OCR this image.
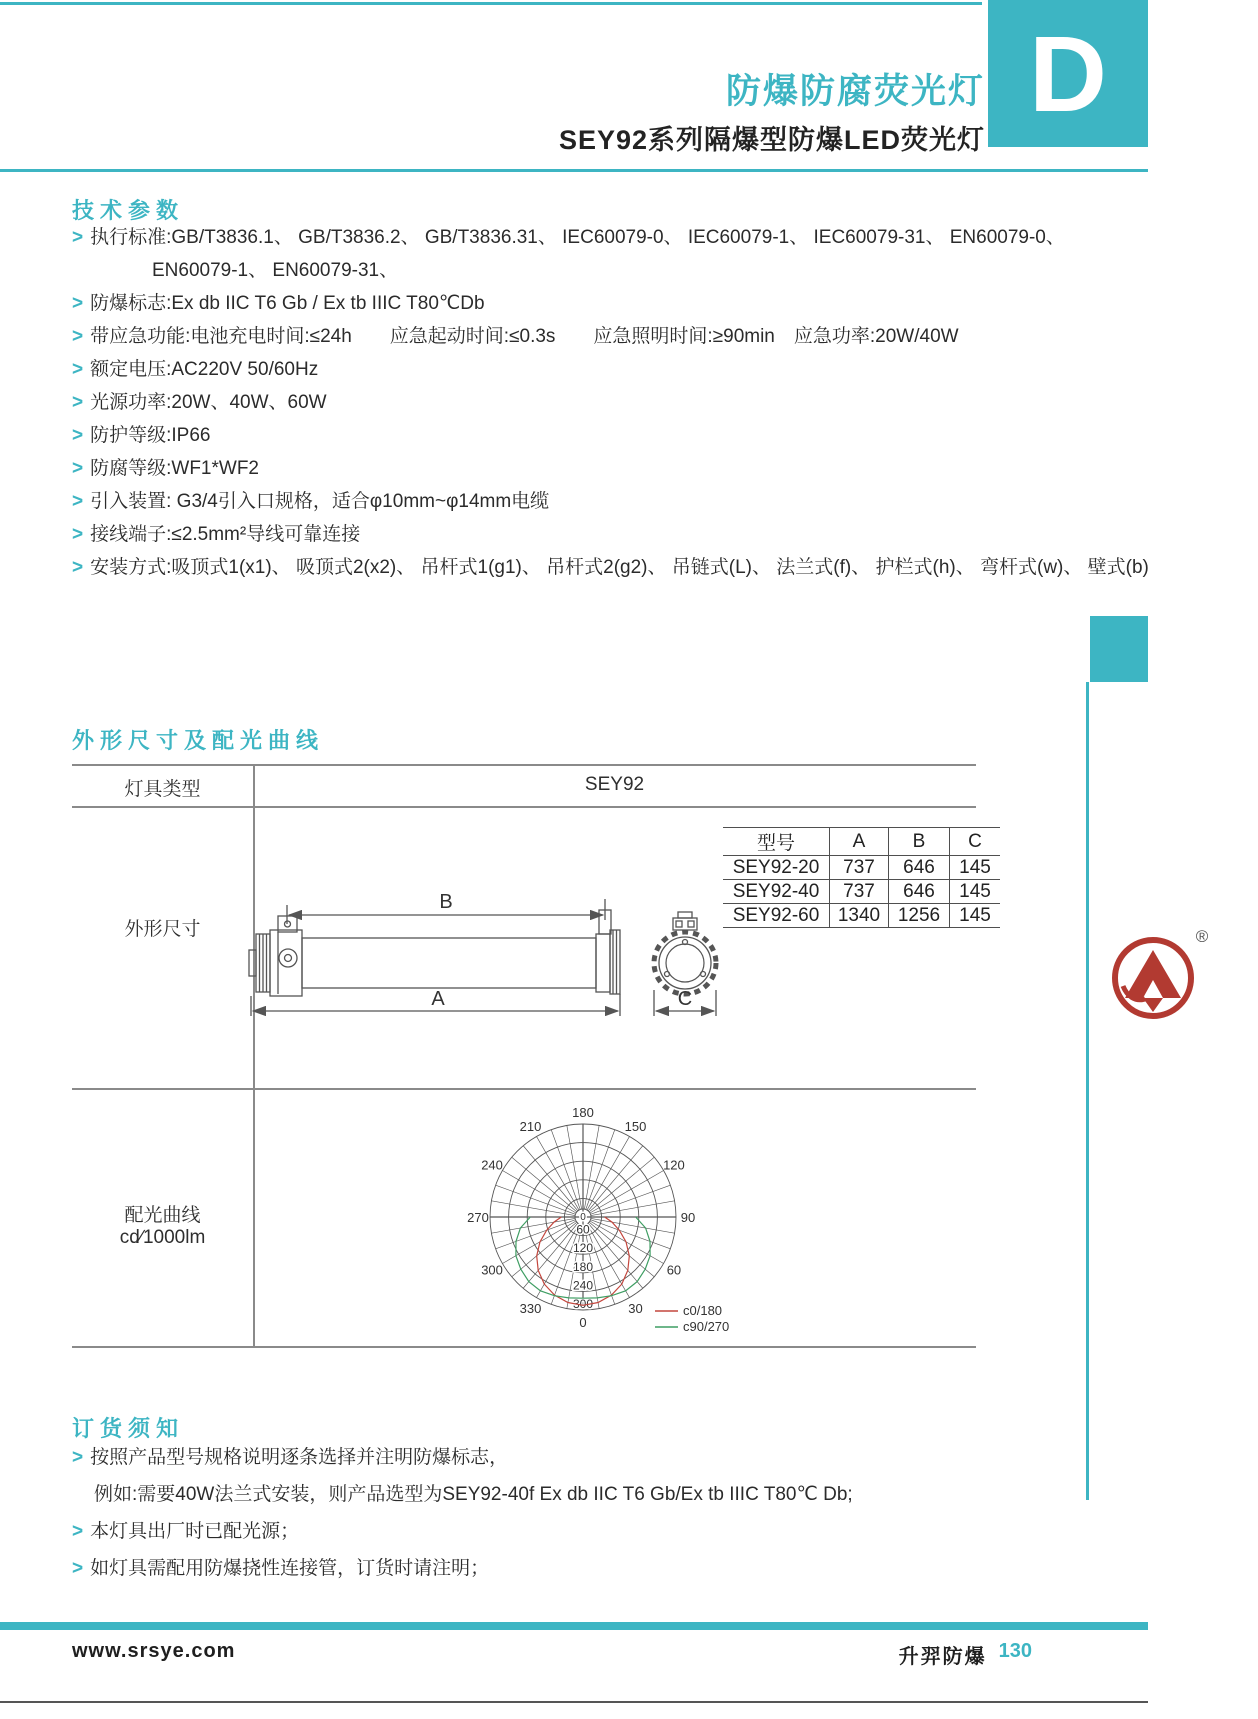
D
防爆防腐荧光灯
SEY92系列隔爆型防爆LED荧光灯
技术参数
> 执行标准:GB/T3836.1、 GB/T3836.2、 GB/T3836.31、 IEC60079-0、 IEC60079-1、 IEC60079-31、 EN60079-0、
EN60079-1、 EN60079-31、
> 防爆标志:Ex db IIC T6 Gb / Ex tb IIIC T80℃Db
> 带应急功能:电池充电时间:≤24h　　应急起动时间:≤0.3s　　应急照明时间:≥90min　应急功率:20W/40W
> 额定电压:AC220V 50/60Hz
> 光源功率:20W、40W、60W
> 防护等级:IP66
> 防腐等级:WF1*WF2
> 引入装置: G3/4引入口规格，适合φ10mm~φ14mm电缆
> 接线端子:≤2.5mm²导线可靠连接
> 安装方式:吸顶式1(x1)、 吸顶式2(x2)、 吊杆式1(g1)、 吊杆式2(g2)、 吊链式(L)、 法兰式(f)、 护栏式(h)、 弯杆式(w)、 壁式(b)
外形尺寸及配光曲线
灯具类型	SEY92
外形尺寸
配光曲线
cd∕1000lm
B
A	C
型号	A	B	C
SEY92-20	737	646	145
SEY92-40	737	646	145
SEY92-60	1340	1256	145
®
0
30
60
90
120
150
180
210
240
270
300
330
60
120
180
240
300
0
c0/180
c90/270
订货须知
> 按照产品型号规格说明逐条选择并注明防爆标志，
例如:需要40W法兰式安装，则产品选型为SEY92-40f Ex db IIC T6 Gb/Ex tb IIIC T80℃ Db;
> 本灯具出厂时已配光源；
> 如灯具需配用防爆挠性连接管，订货时请注明；
www.srsye.com	升羿防爆 130
